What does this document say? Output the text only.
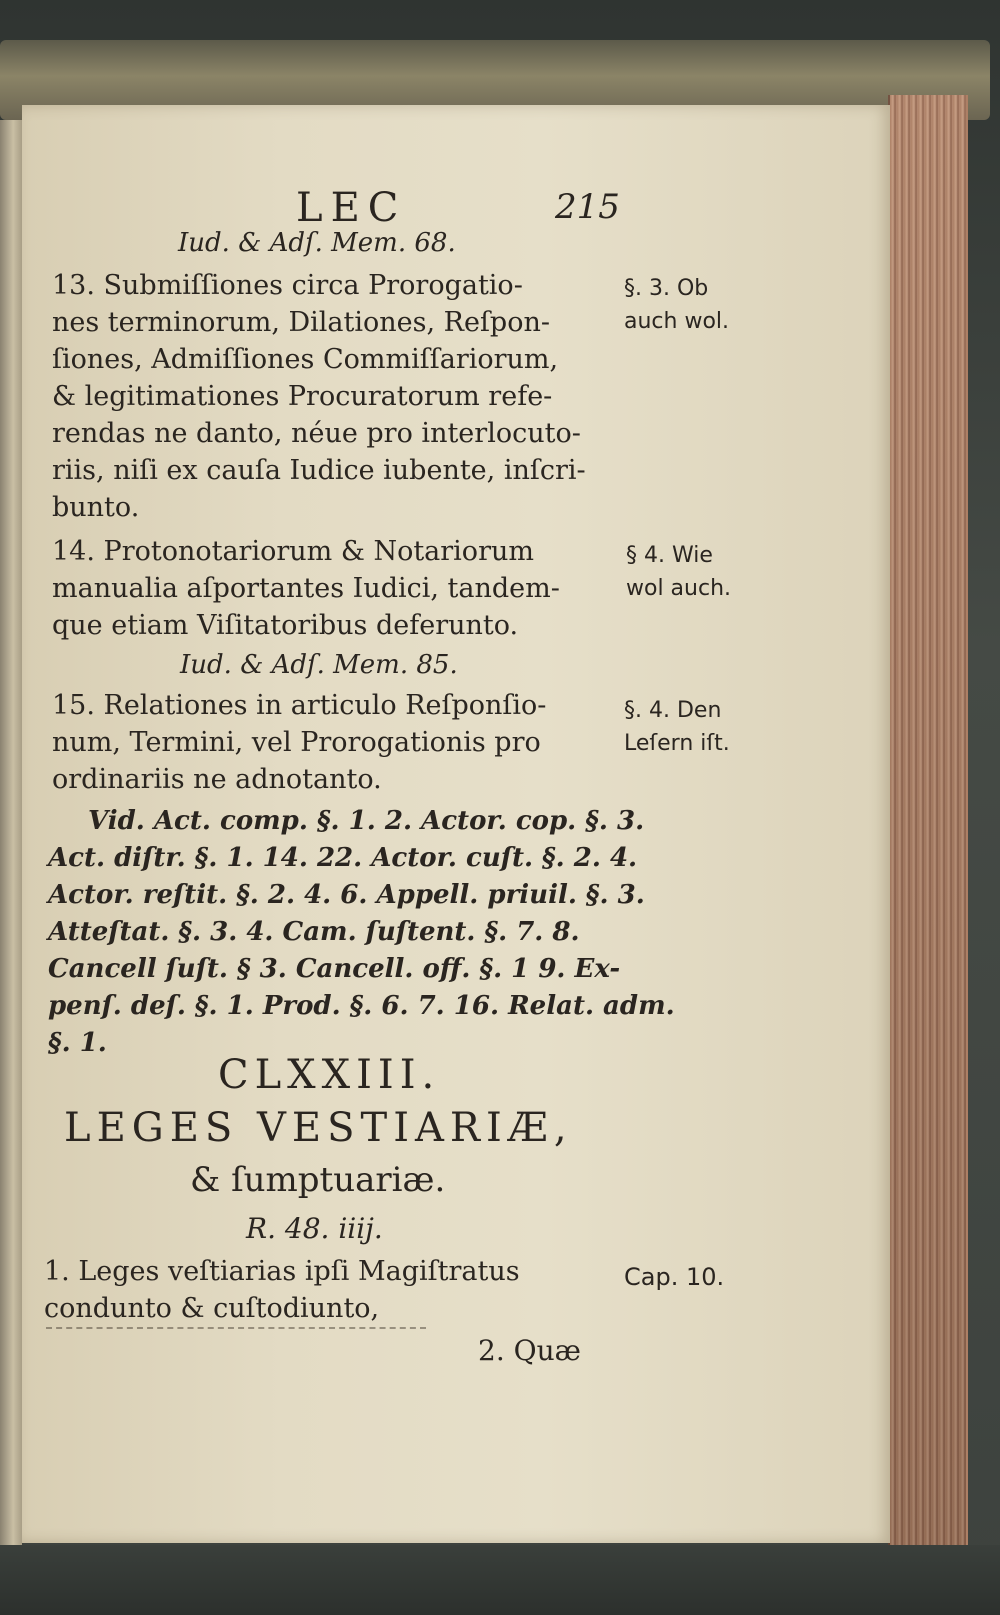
LEC	215
Iud. & Adſ. Mem. 68.
13. Submiſſiones circa Prorogatio-
nes terminorum, Dilationes, Reſpon-
ſiones, Admiſſiones Commiſſariorum,
& legitimationes Procuratorum refe-
rendas ne danto, néue pro interlocuto-
riis, niſi ex cauſa Iudice iubente, inſcri-
bunto.
§. 3. Ob
auch wol.
14. Protonotariorum & Notariorum
manualia aſportantes Iudici, tandem-
que etiam Viſitatoribus deferunto.
§ 4. Wie
wol auch.
Iud. & Adſ. Mem. 85.
15. Relationes in articulo Reſponſio-
num, Termini, vel Prorogationis pro
ordinariis ne adnotanto.
§. 4. Den
Leſern iſt.
Vid. Act. comp. §. 1. 2. Actor. cop. §. 3.
Act. diſtr. §. 1. 14. 22. Actor. cuſt. §. 2. 4.
Actor. reſtit. §. 2. 4. 6. Appell. priuil. §. 3.
Atteſtat. §. 3. 4. Cam. ſuſtent. §. 7. 8.
Cancell ſuſt. § 3. Cancell. off. §. 1 9. Ex-
penſ. deſ. §. 1. Prod. §. 6. 7. 16. Relat. adm.
§. 1.
CLXXIII.
LEGES VESTIARIÆ,
& ſumptuariæ.
R. 48. iiij.
1. Leges veſtiarias ipſi Magiſtratus
condunto & cuſtodiunto,
Cap. 10.
2. Quæ
